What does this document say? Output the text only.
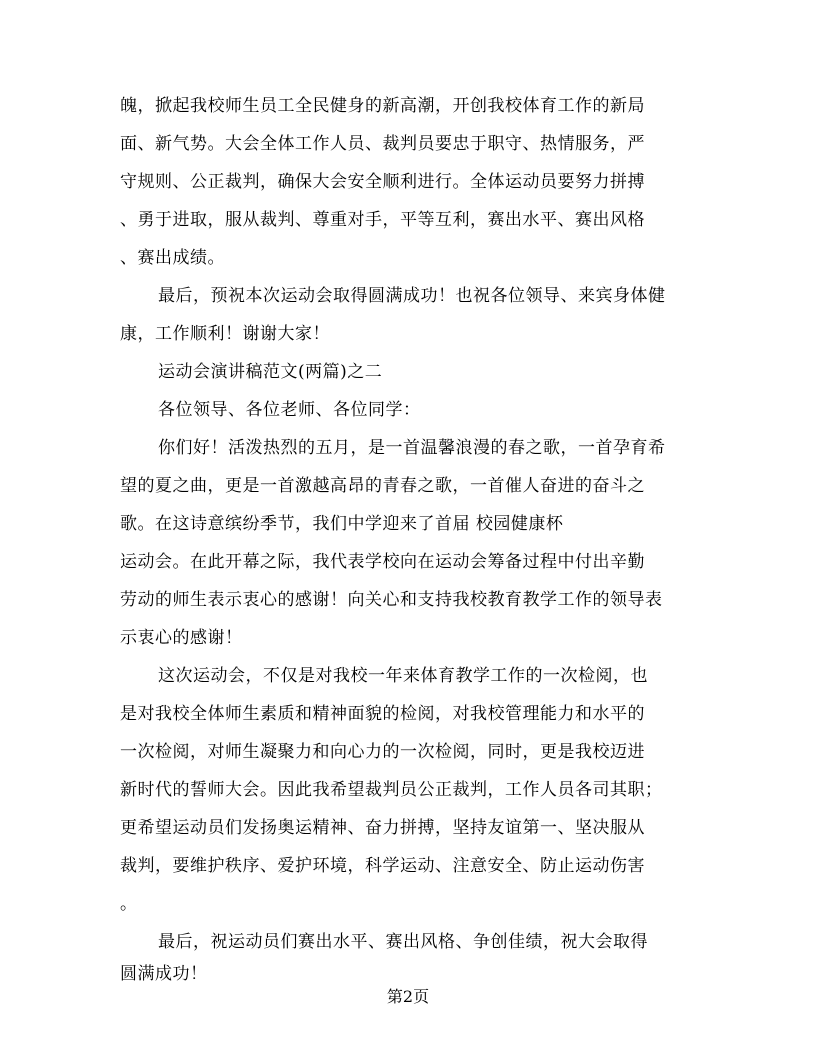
魄，掀起我校师生员工全民健身的新高潮，开创我校体育工作的新局
面、新气势。大会全体工作人员、裁判员要忠于职守、热情服务，严
守规则、公正裁判，确保大会安全顺利进行。全体运动员要努力拼搏
、勇于进取，服从裁判、尊重对手，平等互利，赛出水平、赛出风格
、赛出成绩。
最后，预祝本次运动会取得圆满成功！也祝各位领导、来宾身体健
康，工作顺利！谢谢大家！
运动会演讲稿范文(两篇)之二
各位领导、各位老师、各位同学：
你们好！活泼热烈的五月，是一首温馨浪漫的春之歌，一首孕育希
望的夏之曲，更是一首激越高昂的青春之歌，一首催人奋进的奋斗之
歌。在这诗意缤纷季节，我们中学迎来了首届 校园健康杯
运动会。在此开幕之际，我代表学校向在运动会筹备过程中付出辛勤
劳动的师生表示衷心的感谢！向关心和支持我校教育教学工作的领导表
示衷心的感谢！
这次运动会，不仅是对我校一年来体育教学工作的一次检阅，也
是对我校全体师生素质和精神面貌的检阅，对我校管理能力和水平的
一次检阅，对师生凝聚力和向心力的一次检阅，同时，更是我校迈进
新时代的誓师大会。因此我希望裁判员公正裁判，工作人员各司其职；
更希望运动员们发扬奥运精神、奋力拼搏，坚持友谊第一、坚决服从
裁判，要维护秩序、爱护环境，科学运动、注意安全、防止运动伤害
。
最后，祝运动员们赛出水平、赛出风格、争创佳绩，祝大会取得
圆满成功！
第2页
